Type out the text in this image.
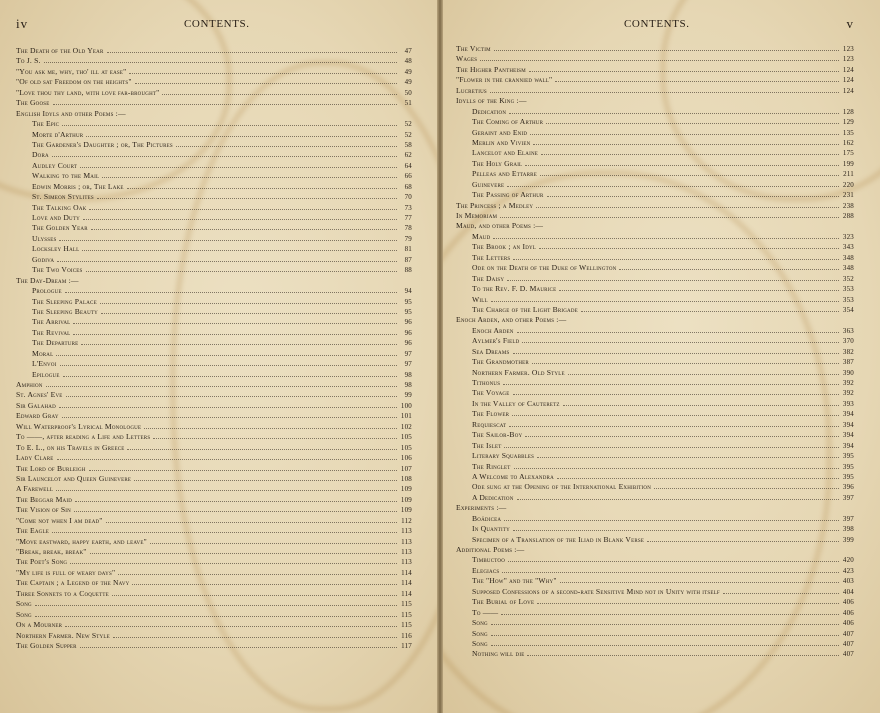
iv	CONTENTS.
The Death of the Old Year	47
To J. S.	48
"You ask me, why, tho' ill at ease"	49
"Of old sat Freedom on the heights"	49
"Love thou thy land, with love far-brought"	50
The Goose	51
English Idyls and other Poems :—
The Epic	52
Morte d'Arthur	52
The Gardener's Daughter ; or, The Pictures	58
Dora	62
Audley Court	64
Walking to the Mail	66
Edwin Morris ; or, The Lake	68
St. Simeon Stylites	70
The Talking Oak	73
Love and Duty	77
The Golden Year	78
Ulysses	79
Locksley Hall	81
Godiva	87
The Two Voices	88
The Day-Dream :—
Prologue	94
The Sleeping Palace	95
The Sleeping Beauty	95
The Arrival	96
The Revival	96
The Departure	96
Moral	97
L'Envoi	97
Epilogue	98
Amphion	98
St. Agnes' Eve	99
Sir Galahad	100
Edward Gray	101
Will Waterproof's Lyrical Monologue	102
To ——, after reading a Life and Letters	105
To E. L., on his Travels in Greece	105
Lady Clare	106
The Lord of Burleigh	107
Sir Launcelot and Queen Guinevere	108
A Farewell	109
The Beggar Maid	109
The Vision of Sin	109
"Come not when I am dead"	112
The Eagle	113
"Move eastward, happy earth, and leave"	113
"Break, break, break"	113
The Poet's Song	113
"My life is full of weary days"	114
The Captain ; a Legend of the Navy	114
Three Sonnets to a Coquette	114
Song	115
Song	115
On a Mourner	115
Northern Farmer. New Style	116
The Golden Supper	117
CONTENTS.	v
The Victim	123
Wages	123
The Higher Pantheism	124
"Flower in the crannied wall"	124
Lucretius	124
Idylls of the King :—
Dedication	128
The Coming of Arthur	129
Geraint and Enid	135
Merlin and Vivien	162
Lancelot and Elaine	175
The Holy Grail	199
Pelleas and Ettarre	211
Guinevere	220
The Passing of Arthur	231
The Princess ; a Medley	238
In Memoriam	288
Maud, and other Poems :—
Maud	323
The Brook ; an Idyl	343
The Letters	348
Ode on the Death of the Duke of Wellington	348
The Daisy	352
To the Rev. F. D. Maurice	353
Will	353
The Charge of the Light Brigade	354
Enoch Arden, and other Poems :—
Enoch Arden	363
Aylmer's Field	370
Sea Dreams	382
The Grandmother	387
Northern Farmer. Old Style	390
Tithonus	392
The Voyage	392
In the Valley of Cauteretz	393
The Flower	394
Requiescat	394
The Sailor-Boy	394
The Islet	394
Literary Squabbles	395
The Ringlet	395
A Welcome to Alexandra	395
Ode sung at the Opening of the International Exhibition	396
A Dedication	397
Experiments :—
Boädicea	397
In Quantity	398
Specimen of a Translation of the Iliad in Blank Verse	399
Additional Poems :—
Timbuctoo	420
Elegiacs	423
The "How" and the "Why"	403
Supposed Confessions of a second-rate Sensitive Mind not in Unity with itself	404
The Burial of Love	406
To ——	406
Song	406
Song	407
Song	407
Nothing will die	407
